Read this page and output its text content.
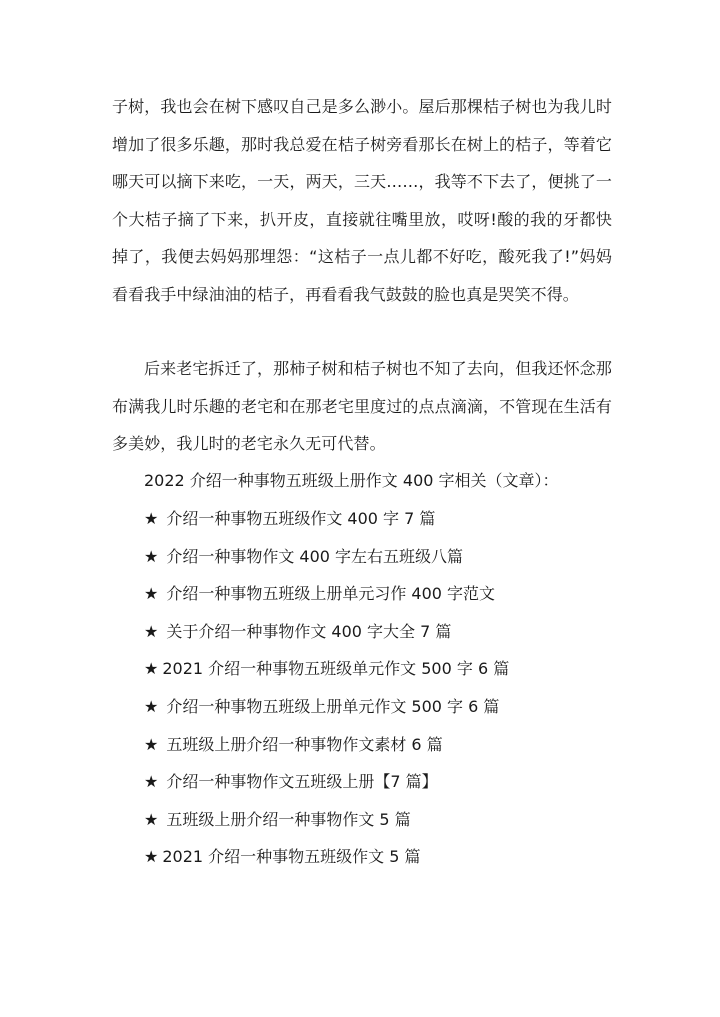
子树，我也会在树下感叹自己是多么渺小。屋后那棵桔子树也为我儿时增加了很多乐趣，那时我总爱在桔子树旁看那长在树上的桔子，等着它哪天可以摘下来吃，一天，两天，三天……，我等不下去了，便挑了一个大桔子摘了下来，扒开皮，直接就往嘴里放，哎呀!酸的我的牙都快掉了，我便去妈妈那埋怨：“这桔子一点儿都不好吃，酸死我了!”妈妈看看我手中绿油油的桔子，再看看我气鼓鼓的脸也真是哭笑不得。

后来老宅拆迁了，那柿子树和桔子树也不知了去向，但我还怀念那布满我儿时乐趣的老宅和在那老宅里度过的点点滴滴，不管现在生活有多美妙，我儿时的老宅永久无可代替。

2022 介绍一种事物五班级上册作文 400 字相关（文章）：

★ 介绍一种事物五班级作文 400 字 7 篇
★ 介绍一种事物作文 400 字左右五班级八篇
★ 介绍一种事物五班级上册单元习作 400 字范文
★ 关于介绍一种事物作文 400 字大全 7 篇
★ 2021 介绍一种事物五班级单元作文 500 字 6 篇
★ 介绍一种事物五班级上册单元作文 500 字 6 篇
★ 五班级上册介绍一种事物作文素材 6 篇
★ 介绍一种事物作文五班级上册【7 篇】
★ 五班级上册介绍一种事物作文 5 篇
★ 2021 介绍一种事物五班级作文 5 篇
